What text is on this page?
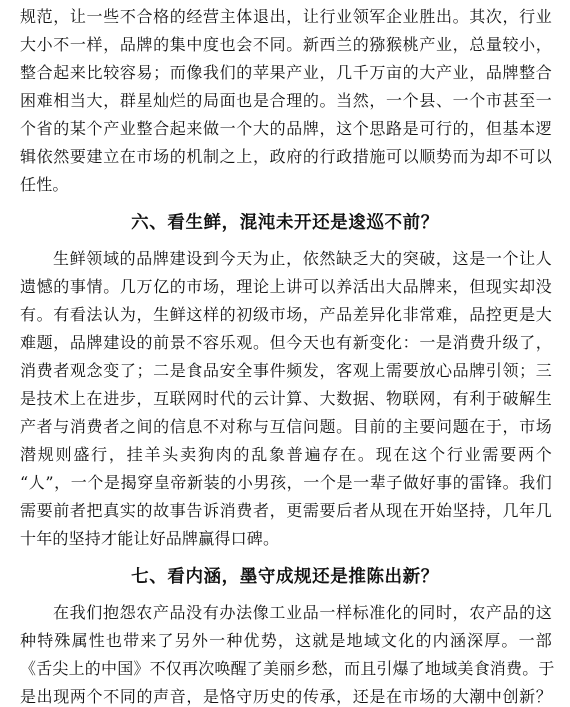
规范，让一些不合格的经营主体退出，让行业领军企业胜出。其次，行业
大小不一样，品牌的集中度也会不同。新西兰的猕猴桃产业，总量较小，
整合起来比较容易；而像我们的苹果产业，几千万亩的大产业，品牌整合
困难相当大，群星灿烂的局面也是合理的。当然，一个县、一个市甚至一
个省的某个产业整合起来做一个大的品牌，这个思路是可行的，但基本逻
辑依然要建立在市场的机制之上，政府的行政措施可以顺势而为却不可以
任性。
六、看生鲜，混沌未开还是逡巡不前？
生鲜领域的品牌建设到今天为止，依然缺乏大的突破，这是一个让人
遗憾的事情。几万亿的市场，理论上讲可以养活出大品牌来，但现实却没
有。有看法认为，生鲜这样的初级市场，产品差异化非常难，品控更是大
难题，品牌建设的前景不容乐观。但今天也有新变化：一是消费升级了，
消费者观念变了；二是食品安全事件频发，客观上需要放心品牌引领；三
是技术上在进步，互联网时代的云计算、大数据、物联网，有利于破解生
产者与消费者之间的信息不对称与互信问题。目前的主要问题在于，市场
潜规则盛行，挂羊头卖狗肉的乱象普遍存在。现在这个行业需要两个
“人”，一个是揭穿皇帝新装的小男孩，一个是一辈子做好事的雷锋。我们
需要前者把真实的故事告诉消费者，更需要后者从现在开始坚持，几年几
十年的坚持才能让好品牌赢得口碑。
七、看内涵，墨守成规还是推陈出新？
在我们抱怨农产品没有办法像工业品一样标准化的同时，农产品的这
种特殊属性也带来了另外一种优势，这就是地域文化的内涵深厚。一部
《舌尖上的中国》不仅再次唤醒了美丽乡愁，而且引爆了地域美食消费。于
是出现两个不同的声音，是恪守历史的传承，还是在市场的大潮中创新？
